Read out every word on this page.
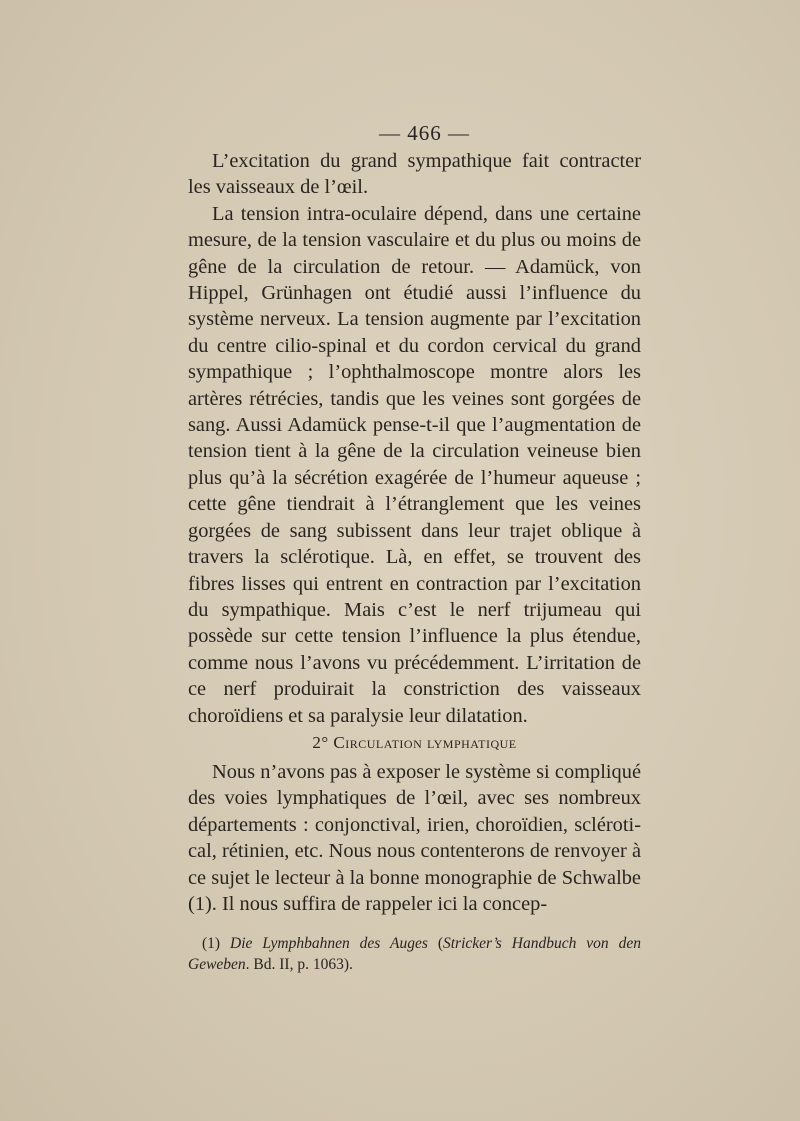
— 466 —

L’excitation du grand sympathique fait contracter les vaisseaux de l’œil.

La tension intra-oculaire dépend, dans une certaine mesure, de la tension vasculaire et du plus ou moins de gêne de la circulation de retour. — Adamück, von Hippel, Grünhagen ont étudié aussi l’influence du système nerveux. La tension augmente par l’excitation du centre cilio-spinal et du cordon cervical du grand sympathique ; l’ophthalmoscope montre alors les artères rétrécies, tandis que les veines sont gorgées de sang. Aussi Adamück pense-t-il que l’augmentation de tension tient à la gêne de la circulation veineuse bien plus qu’à la sécrétion exagérée de l’humeur aqueuse ; cette gêne tiendrait à l’étranglement que les veines gorgées de sang subissent dans leur trajet oblique à travers la sclérotique. Là, en effet, se trouvent des fibres lisses qui entrent en contraction par l’excitation du sympathique. Mais c’est le nerf trijumeau qui possède sur cette tension l’influence la plus étendue, comme nous l’avons vu précédemment. L’irritation de ce nerf produirait la constriction des vaisseaux choroïdiens et sa paralysie leur dilatation.

2° Circulation lymphatique

Nous n’avons pas à exposer le système si compliqué des voies lymphatiques de l’œil, avec ses nombreux départements : conjonctival, irien, choroïdien, scléroti-cal, rétinien, etc. Nous nous contenterons de renvoyer à ce sujet le lecteur à la bonne monographie de Schwalbe (1). Il nous suffira de rappeler ici la concep-

(1) Die Lymphbahnen des Auges (Stricker’s Handbuch von den Geweben. Bd. II, p. 1063).
